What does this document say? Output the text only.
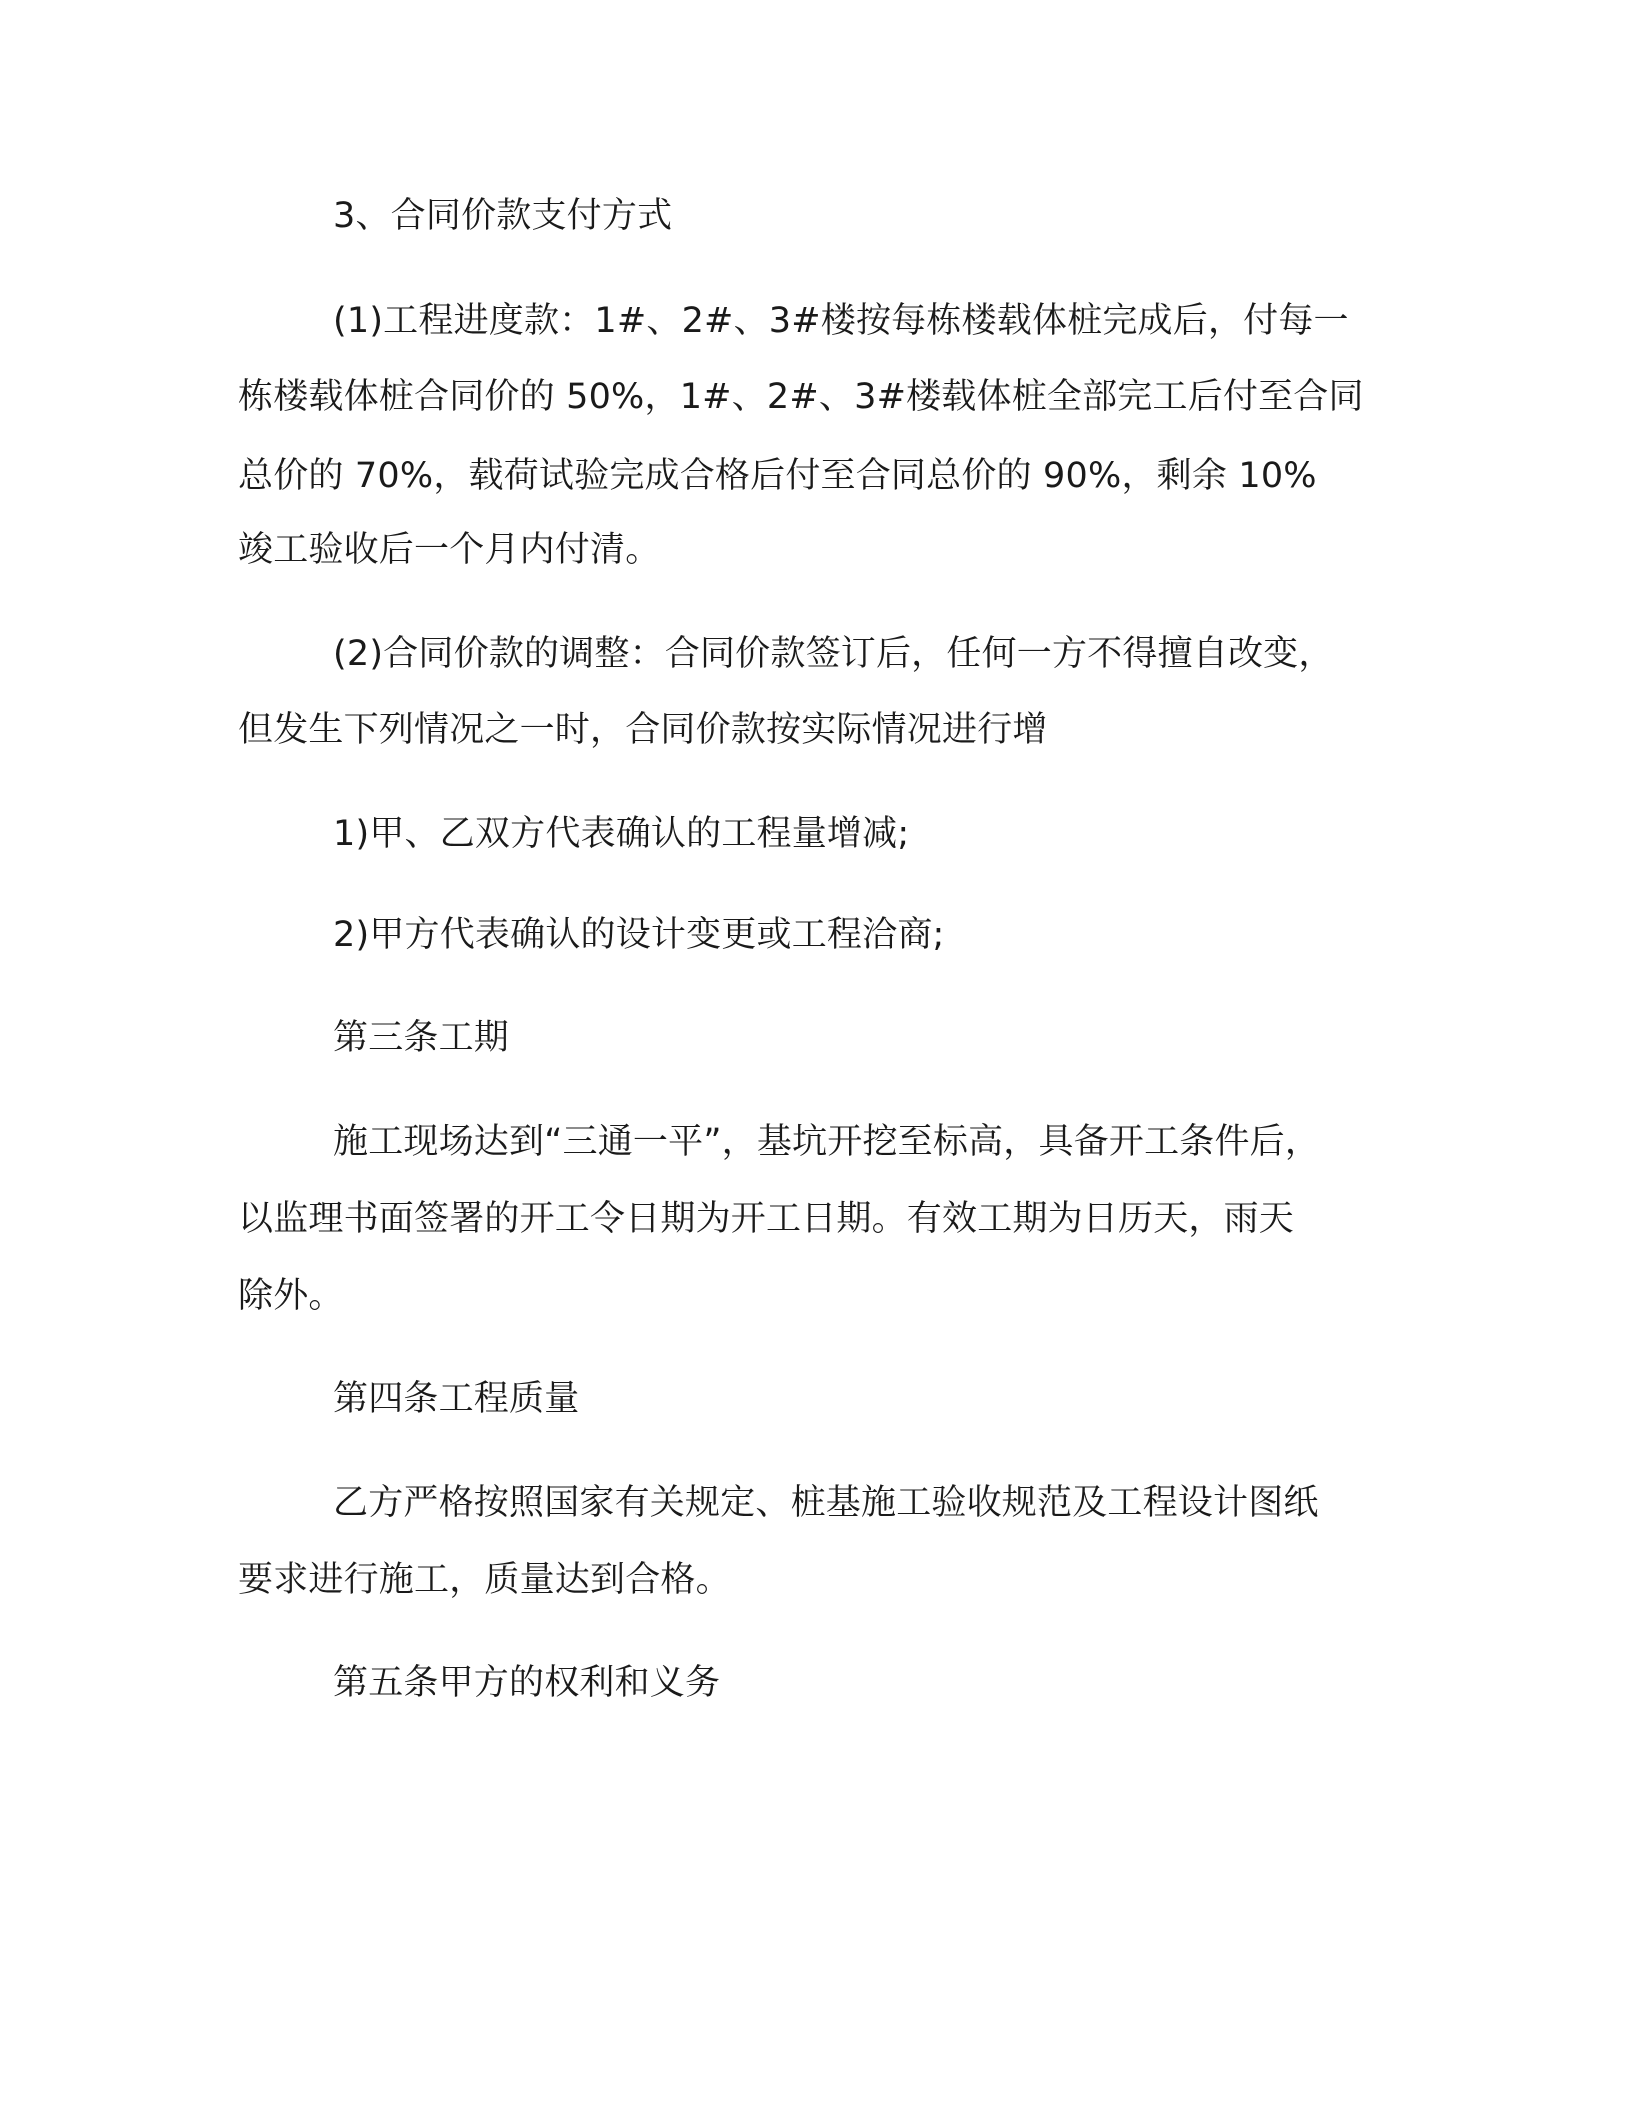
3、合同价款支付方式
(1)工程进度款：1#、2#、3#楼按每栋楼载体桩完成后，付每一
栋楼载体桩合同价的 50%，1#、2#、3#楼载体桩全部完工后付至合同
总价的 70%，载荷试验完成合格后付至合同总价的 90%，剩余 10%
竣工验收后一个月内付清。
(2)合同价款的调整：合同价款签订后，任何一方不得擅自改变，
但发生下列情况之一时，合同价款按实际情况进行增
1)甲、乙双方代表确认的工程量增减;
2)甲方代表确认的设计变更或工程洽商;
第三条工期
施工现场达到“三通一平”，基坑开挖至标高，具备开工条件后，
以监理书面签署的开工令日期为开工日期。有效工期为日历天，雨天
除外。
第四条工程质量
乙方严格按照国家有关规定、桩基施工验收规范及工程设计图纸
要求进行施工，质量达到合格。
第五条甲方的权利和义务
